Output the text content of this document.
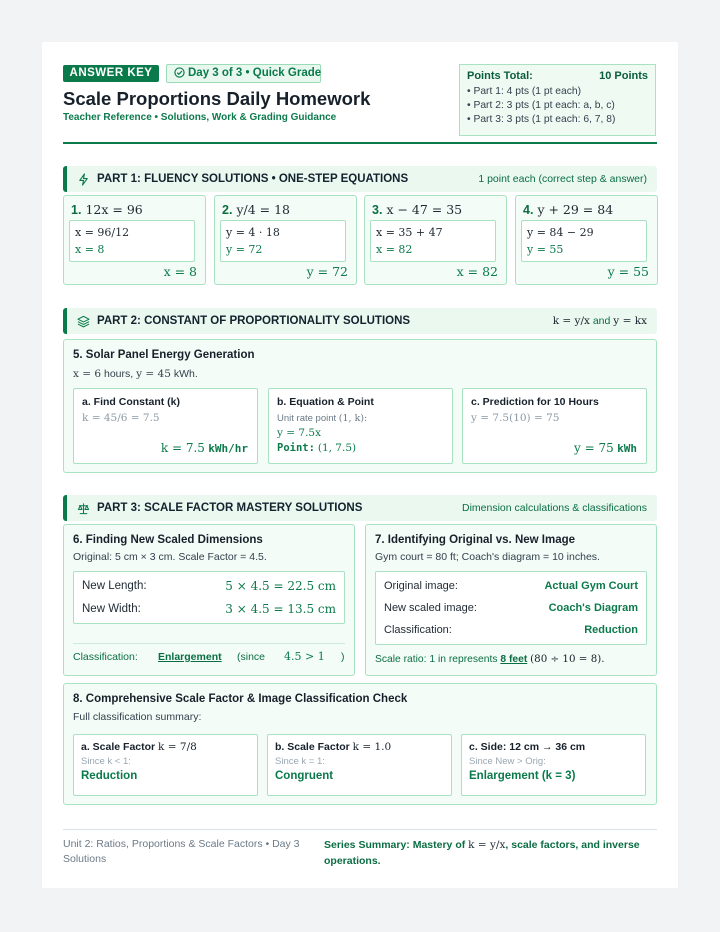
ANSWER KEY	Day 3 of 3 • Quick Grade
Scale Proportions Daily Homework
Teacher Reference • Solutions, Work & Grading Guidance
Points Total:	10 Points
• Part 1: 4 pts (1 pt each)
• Part 2: 3 pts (1 pt each: a, b, c)
• Part 3: 3 pts (1 pt each: 6, 7, 8)
PART 1: FLUENCY SOLUTIONS • ONE-STEP EQUATIONS	1 point each (correct step & answer)
1. 12x = 96
x = 96/12
x = 8
x = 8
2. y/4 = 18
y = 4 · 18
y = 72
y = 72
3. x − 47 = 35
x = 35 + 47
x = 82
x = 82
4. y + 29 = 84
y = 84 − 29
y = 55
y = 55
PART 2: CONSTANT OF PROPORTIONALITY SOLUTIONS	k = y/x and y = kx
5. Solar Panel Energy Generation
x = 6 hours, y = 45 kWh.
a. Find Constant (k)
k = 45/6 = 7.5
k = 7.5 kWh/hr
b. Equation & Point
Unit rate point (1, k):
y = 7.5x
Point: (1, 7.5)
c. Prediction for 10 Hours
y = 7.5(10) = 75
y = 75 kWh
PART 3: SCALE FACTOR MASTERY SOLUTIONS	Dimension calculations & classifications
6. Finding New Scaled Dimensions
Original: 5 cm × 3 cm. Scale Factor = 4.5.
New Length:	5 × 4.5 = 22.5 cm
New Width:	3 × 4.5 = 13.5 cm
Classification: Enlargement (since 4.5 > 1 )
7. Identifying Original vs. New Image
Gym court = 80 ft; Coach's diagram = 10 inches.
Original image:	Actual Gym Court
New scaled image:	Coach's Diagram
Classification:	Reduction
Scale ratio: 1 in represents 8 feet (80 ÷ 10 = 8).
8. Comprehensive Scale Factor & Image Classification Check
Full classification summary:
a. Scale Factor k = 7/8
Since k < 1:
Reduction
b. Scale Factor k = 1.0
Since k = 1:
Congruent
c. Side: 12 cm → 36 cm
Since New > Orig:
Enlargement (k = 3)
Unit 2: Ratios, Proportions & Scale Factors • Day 3 Solutions
Series Summary: Mastery of k = y/x, scale factors, and inverse operations.
